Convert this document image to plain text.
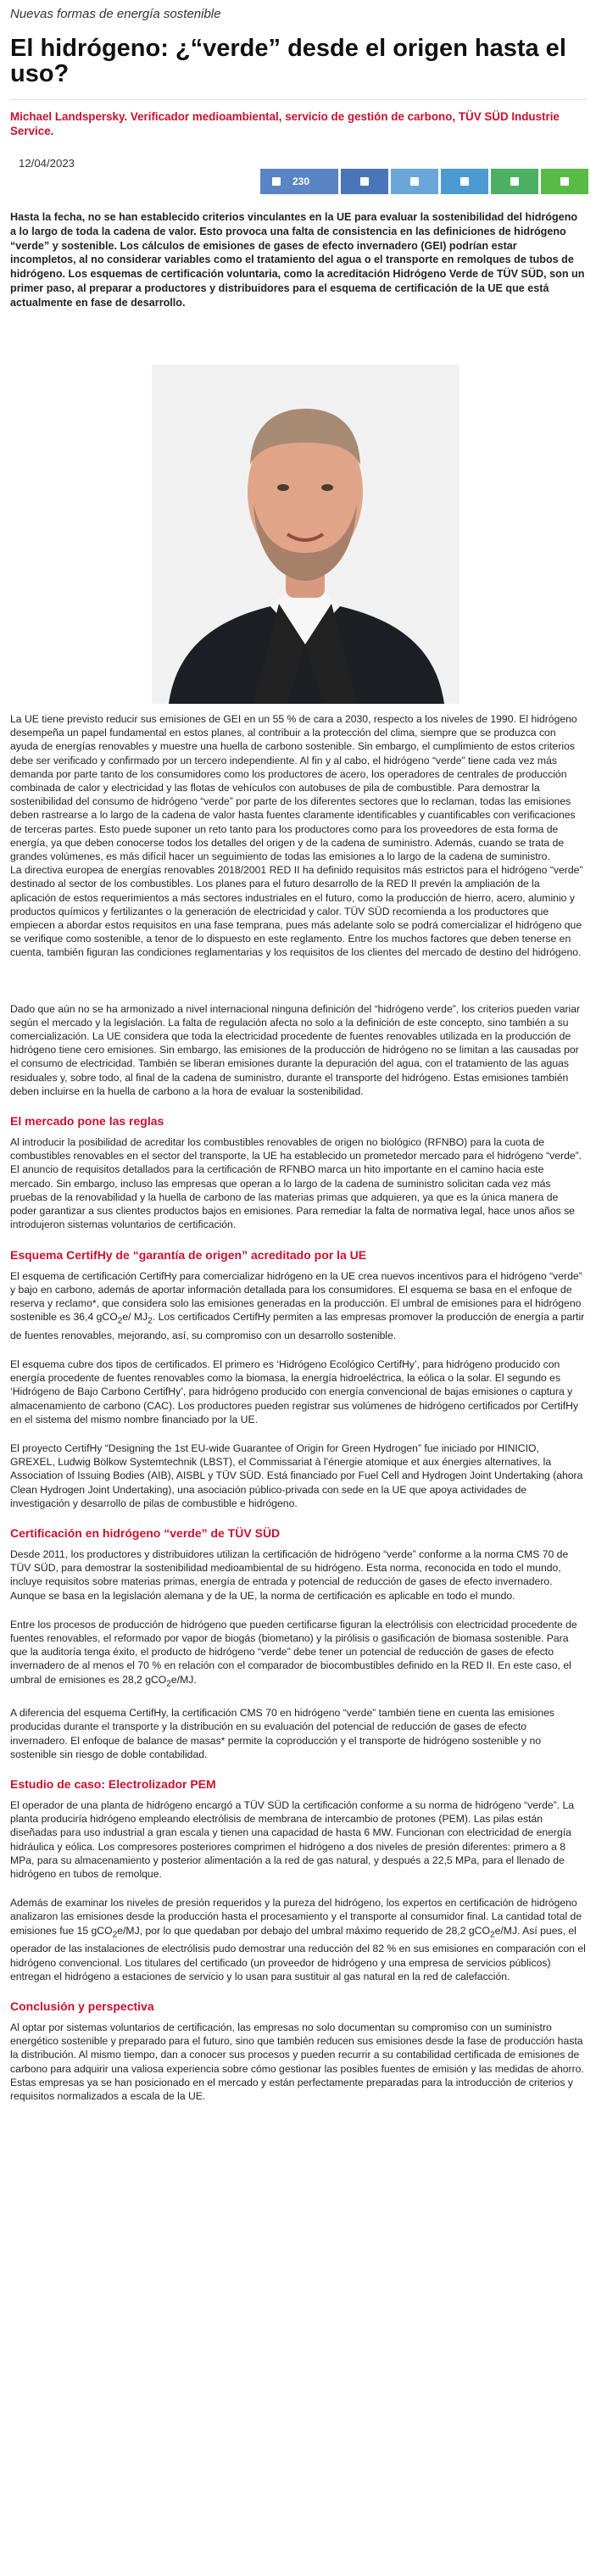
Nuevas formas de energía sostenible
El hidrógeno: ¿“verde” desde el origen hasta el uso?
Michael Landspersky. Verificador medioambiental, servicio de gestión de carbono, TÜV SÜD Industrie Service.
12/04/2023
230

Hasta la fecha, no se han establecido criterios vinculantes en la UE para evaluar la sostenibilidad del hidrógeno a lo largo de toda la cadena de valor. Esto provoca una falta de consistencia en las definiciones de hidrógeno “verde” y sostenible. Los cálculos de emisiones de gases de efecto invernadero (GEI) podrían estar incompletos, al no considerar variables como el tratamiento del agua o el transporte en remolques de tubos de hidrógeno. Los esquemas de certificación voluntaria, como la acreditación Hidrógeno Verde de TÜV SÜD, son un primer paso, al preparar a productores y distribuidores para el esquema de certificación de la UE que está actualmente en fase de desarrollo.

La UE tiene previsto reducir sus emisiones de GEI en un 55 % de cara a 2030, respecto a los niveles de 1990. El hidrógeno desempeña un papel fundamental en estos planes, al contribuir a la protección del clima, siempre que se produzca con ayuda de energías renovables y muestre una huella de carbono sostenible. Sin embargo, el cumplimiento de estos criterios debe ser verificado y confirmado por un tercero independiente. Al fin y al cabo, el hidrógeno “verde” tiene cada vez más demanda por parte tanto de los consumidores como los productores de acero, los operadores de centrales de producción combinada de calor y electricidad y las flotas de vehículos con autobuses de pila de combustible. Para demostrar la sostenibilidad del consumo de hidrógeno “verde” por parte de los diferentes sectores que lo reclaman, todas las emisiones deben rastrearse a lo largo de la cadena de valor hasta fuentes claramente identificables y cuantificables con verificaciones de terceras partes. Esto puede suponer un reto tanto para los productores como para los proveedores de esta forma de energía, ya que deben conocerse todos los detalles del origen y de la cadena de suministro. Además, cuando se trata de grandes volúmenes, es más difícil hacer un seguimiento de todas las emisiones a lo largo de la cadena de suministro.

La directiva europea de energías renovables 2018/2001 RED II ha definido requisitos más estrictos para el hidrógeno “verde” destinado al sector de los combustibles. Los planes para el futuro desarrollo de la RED II prevén la ampliación de la aplicación de estos requerimientos a más sectores industriales en el futuro, como la producción de hierro, acero, aluminio y productos químicos y fertilizantes o la generación de electricidad y calor. TÜV SÜD recomienda a los productores que empiecen a abordar estos requisitos en una fase temprana, pues más adelante solo se podrá comercializar el hidrógeno que se verifique como sostenible, a tenor de lo dispuesto en este reglamento. Entre los muchos factores que deben tenerse en cuenta, también figuran las condiciones reglamentarias y los requisitos de los clientes del mercado de destino del hidrógeno.

Dado que aún no se ha armonizado a nivel internacional ninguna definición del “hidrógeno verde”, los criterios pueden variar según el mercado y la legislación. La falta de regulación afecta no solo a la definición de este concepto, sino también a su comercialización. La UE considera que toda la electricidad procedente de fuentes renovables utilizada en la producción de hidrógeno tiene cero emisiones. Sin embargo, las emisiones de la producción de hidrógeno no se limitan a las causadas por el consumo de electricidad. También se liberan emisiones durante la depuración del agua, con el tratamiento de las aguas residuales y, sobre todo, al final de la cadena de suministro, durante el transporte del hidrógeno. Estas emisiones también deben incluirse en la huella de carbono a la hora de evaluar la sostenibilidad.

El mercado pone las reglas

Al introducir la posibilidad de acreditar los combustibles renovables de origen no biológico (RFNBO) para la cuota de combustibles renovables en el sector del transporte, la UE ha establecido un prometedor mercado para el hidrógeno “verde”. El anuncio de requisitos detallados para la certificación de RFNBO marca un hito importante en el camino hacia este mercado. Sin embargo, incluso las empresas que operan a lo largo de la cadena de suministro solicitan cada vez más pruebas de la renovabilidad y la huella de carbono de las materias primas que adquieren, ya que es la única manera de poder garantizar a sus clientes productos bajos en emisiones. Para remediar la falta de normativa legal, hace unos años se introdujeron sistemas voluntarios de certificación.

Esquema CertifHy de “garantía de origen” acreditado por la UE

El esquema de certificación CertifHy para comercializar hidrógeno en la UE crea nuevos incentivos para el hidrógeno “verde” y bajo en carbono, además de aportar información detallada para los consumidores. El esquema se basa en el enfoque de reserva y reclamo*, que considera solo las emisiones generadas en la producción. El umbral de emisiones para el hidrógeno sostenible es 36,4 gCO$_2$e/ $MJ_2$. Los certificados CertifHy permiten a las empresas promover la producción de energía a partir de fuentes renovables, mejorando, así, su compromiso con un desarrollo sostenible.

El esquema cubre dos tipos de certificados. El primero es ‘Hidrógeno Ecológico CertifHy’, para hidrógeno producido con energía procedente de fuentes renovables como la biomasa, la energía hidroeléctrica, la eólica o la solar. El segundo es ‘Hidrógeno de Bajo Carbono CertifHy’, para hidrógeno producido con energía convencional de bajas emisiones o captura y almacenamiento de carbono (CAC). Los productores pueden registrar sus volúmenes de hidrógeno certificados por CertifHy en el sistema del mismo nombre financiado por la UE.

El proyecto CertifHy “Designing the 1st EU-wide Guarantee of Origin for Green Hydrogen” fue iniciado por HINICIO, GREXEL, Ludwig Bölkow Systemtechnik (LBST), el Commissariat à l’énergie atomique et aux énergies alternatives, la Association of Issuing Bodies (AIB), AISBL y TÜV SÜD. Está financiado por Fuel Cell and Hydrogen Joint Undertaking (ahora Clean Hydrogen Joint Undertaking), una asociación público-privada con sede en la UE que apoya actividades de investigación y desarrollo de pilas de combustible e hidrógeno.

Certificación en hidrógeno “verde” de TÜV SÜD

Desde 2011, los productores y distribuidores utilizan la certificación de hidrógeno “verde” conforme a la norma CMS 70 de TÜV SÜD, para demostrar la sostenibilidad medioambiental de su hidrógeno. Esta norma, reconocida en todo el mundo, incluye requisitos sobre materias primas, energía de entrada y potencial de reducción de gases de efecto invernadero. Aunque se basa en la legislación alemana y de la UE, la norma de certificación es aplicable en todo el mundo.

Entre los procesos de producción de hidrógeno que pueden certificarse figuran la electrólisis con electricidad procedente de fuentes renovables, el reformado por vapor de biogás (biometano) y la pirólisis o gasificación de biomasa sostenible. Para que la auditoría tenga éxito, el producto de hidrógeno “verde” debe tener un potencial de reducción de gases de efecto invernadero de al menos el 70 % en relación con el comparador de biocombustibles definido en la RED II. En este caso, el umbral de emisiones es 28,2 gCO$_2$e/MJ.

A diferencia del esquema CertifHy, la certificación CMS 70 en hidrógeno “verde” también tiene en cuenta las emisiones producidas durante el transporte y la distribución en su evaluación del potencial de reducción de gases de efecto invernadero. El enfoque de balance de masas* permite la coproducción y el transporte de hidrógeno sostenible y no sostenible sin riesgo de doble contabilidad.

Estudio de caso: Electrolizador PEM

El operador de una planta de hidrógeno encargó a TÜV SÜD la certificación conforme a su norma de hidrógeno “verde”. La planta produciría hidrógeno empleando electrólisis de membrana de intercambio de protones (PEM). Las pilas están diseñadas para uso industrial a gran escala y tienen una capacidad de hasta 6 MW. Funcionan con electricidad de energía hidráulica y eólica. Los compresores posteriores comprimen el hidrógeno a dos niveles de presión diferentes: primero a 8 MPa, para su almacenamiento y posterior alimentación a la red de gas natural, y después a 22,5 MPa, para el llenado de hidrógeno en tubos de remolque.

Además de examinar los niveles de presión requeridos y la pureza del hidrógeno, los expertos en certificación de hidrógeno analizaron las emisiones desde la producción hasta el procesamiento y el transporte al consumidor final. La cantidad total de emisiones fue 15 gCO$_2$e/MJ, por lo que quedaban por debajo del umbral máximo requerido de 28,2 gCO$_2$e/MJ. Así pues, el operador de las instalaciones de electrólisis pudo demostrar una reducción del 82 % en sus emisiones en comparación con el hidrógeno convencional. Los titulares del certificado (un proveedor de hidrógeno y una empresa de servicios públicos) entregan el hidrógeno a estaciones de servicio y lo usan para sustituir al gas natural en la red de calefacción.

Conclusión y perspectiva

Al optar por sistemas voluntarios de certificación, las empresas no solo documentan su compromiso con un suministro energético sostenible y preparado para el futuro, sino que también reducen sus emisiones desde la fase de producción hasta la distribución. Al mismo tiempo, dan a conocer sus procesos y pueden recurrir a su contabilidad certificada de emisiones de carbono para adquirir una valiosa experiencia sobre cómo gestionar las posibles fuentes de emisión y las medidas de ahorro. Estas empresas ya se han posicionado en el mercado y están perfectamente preparadas para la introducción de criterios y requisitos normalizados a escala de la UE.
